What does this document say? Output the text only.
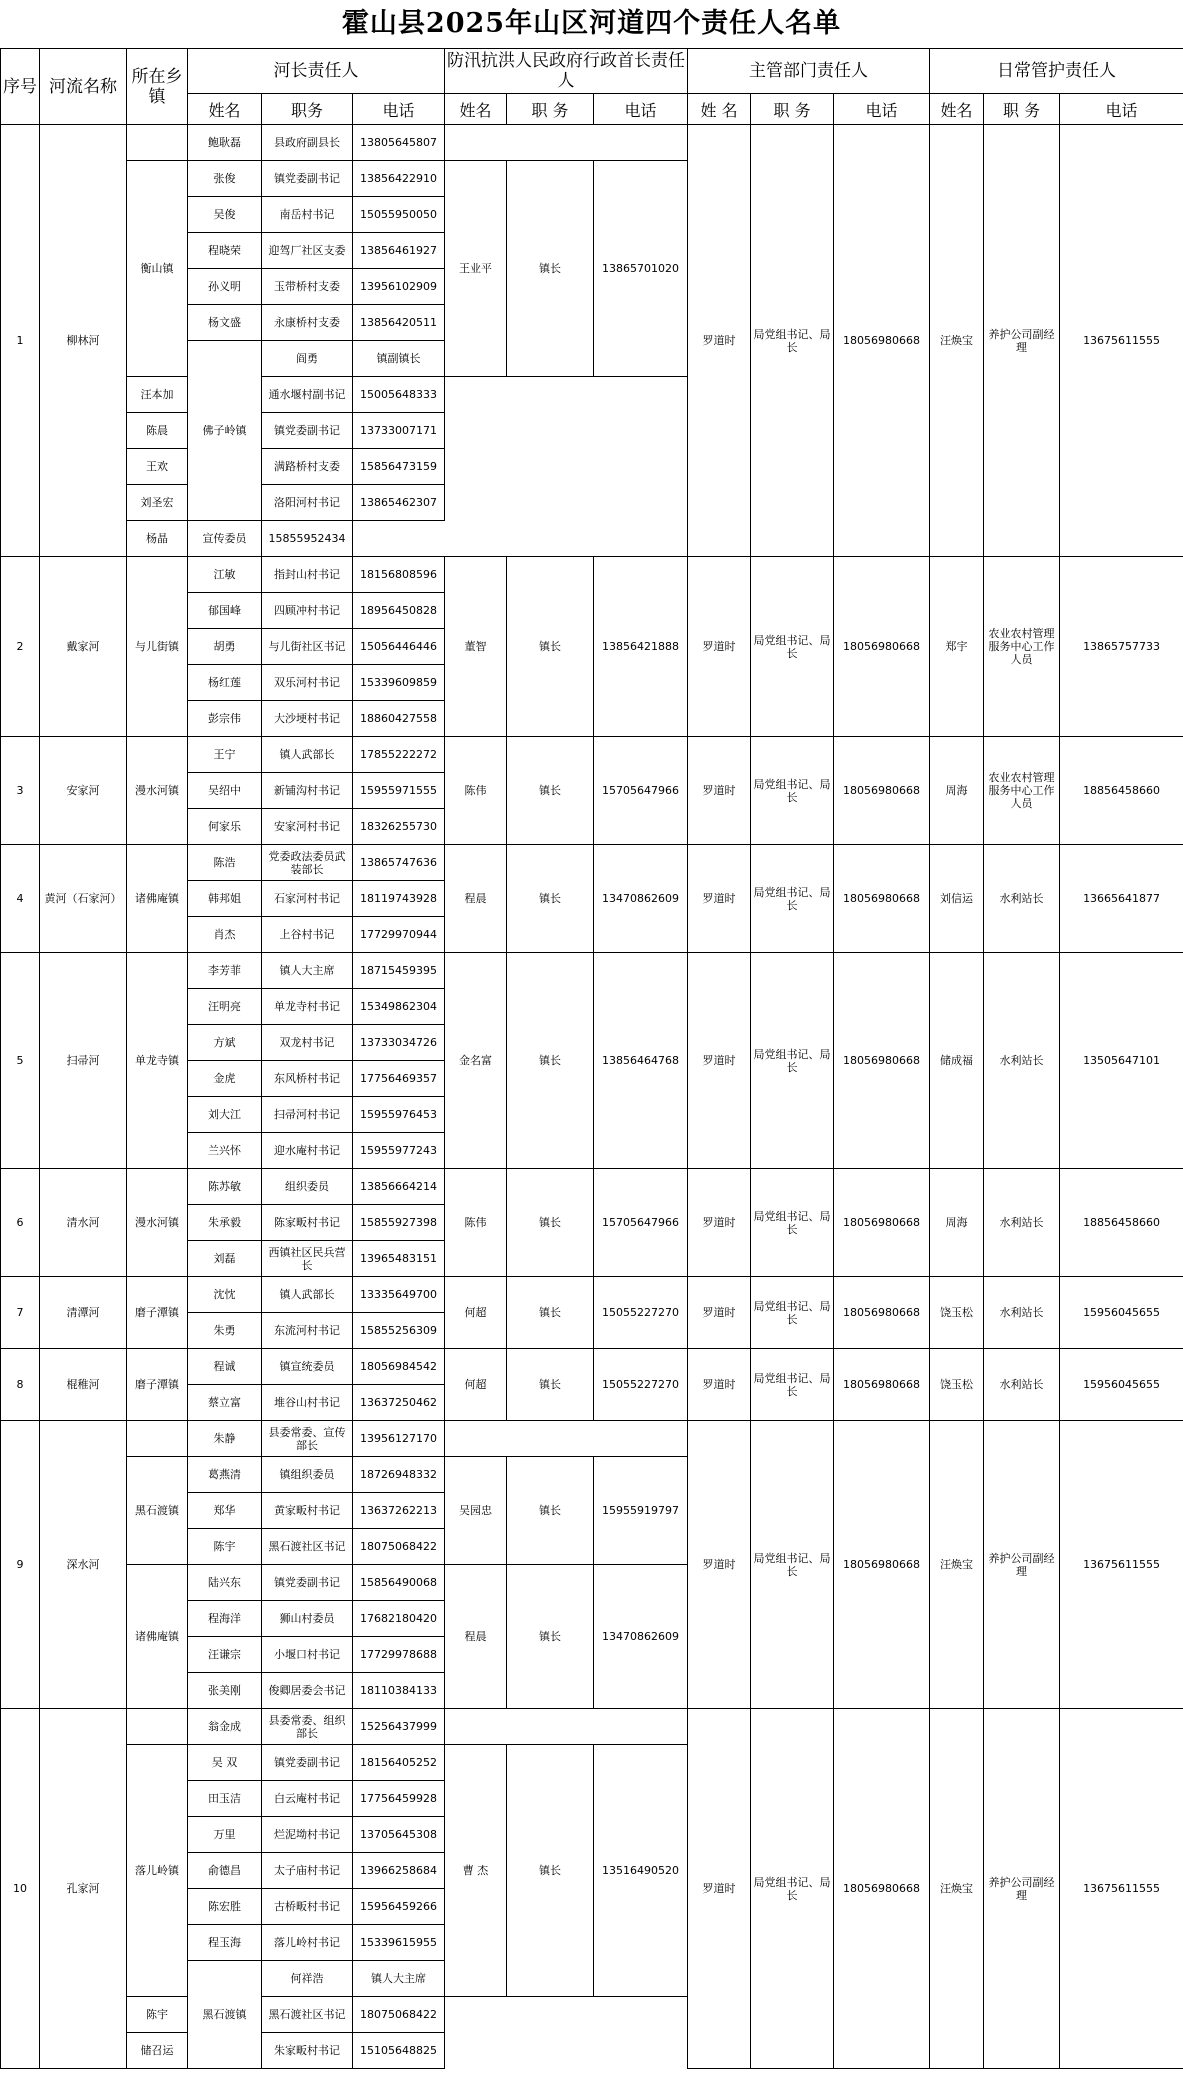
霍山县2025年山区河道四个责任人名单
序号	河流名称	所在乡镇	河长责任人			防汛抗洪人民政府行政首长责任人			主管部门责任人			日常管护责任人			
			姓名	职务	电话	姓名	职 务	电话	姓 名	职 务	电话	姓名	职 务	电话	
1	柳林河		鲍耿磊	县政府副县长	13805645807				罗道时	局党组书记、局长	18056980668	汪焕宝	养护公司副经理	13675611555	
		衡山镇	张俊	镇党委副书记	13856422910	王业平	镇长	13865701020							
			吴俊	南岳村书记	15055950050										
			程晓荣	迎驾厂社区支委	13856461927										
			孙义明	玉带桥村支委	13956102909										
			杨文盛	永康桥村支委	13856420511										
			佛子岭镇	阎勇	镇副镇长				
		汪本加		通水堰村副书记	15005648333										
		陈晨		镇党委副书记	13733007171										
		王欢		满路桥村支委	15856473159										
		刘圣宏		洛阳河村书记	13865462307										
		杨晶	宣传委员	15855952434											
2	戴家河	与儿街镇	江敏	指封山村书记	18156808596	董智	镇长	13856421888	罗道时	局党组书记、局长	18056980668	郑宇	农业农村管理服务中心工作人员	13865757733	
			郁国峰	四顾冲村书记	18956450828										
			胡勇	与儿街社区书记	15056446446										
			杨红莲	双乐河村书记	15339609859										
			彭宗伟	大沙埂村书记	18860427558										
3	安家河	漫水河镇	王宁	镇人武部长	17855222272	陈伟	镇长	15705647966	罗道时	局党组书记、局长	18056980668	周海	农业农村管理服务中心工作人员	18856458660	
			吴绍中	新铺沟村书记	15955971555										
			何家乐	安家河村书记	18326255730										
4	黄河（石家河）	诸佛庵镇	陈浩	党委政法委员武装部长	13865747636	程晨	镇长	13470862609	罗道时	局党组书记、局长	18056980668	刘信运	水利站长	13665641877	
			韩邦姐	石家河村书记	18119743928										
			肖杰	上谷村书记	17729970944										
5	扫帚河	单龙寺镇	李芳菲	镇人大主席	18715459395	金名富	镇长	13856464768	罗道时	局党组书记、局长	18056980668	储成福	水利站长	13505647101	
			汪明亮	单龙寺村书记	15349862304										
			方斌	双龙村书记	13733034726										
			金虎	东风桥村书记	17756469357										
			刘大江	扫帚河村书记	15955976453										
			兰兴怀	迎水庵村书记	15955977243										
6	清水河	漫水河镇	陈苏敏	组织委员	13856664214	陈伟	镇长	15705647966	罗道时	局党组书记、局长	18056980668	周海	水利站长	18856458660	
			朱承毅	陈家畈村书记	15855927398										
			刘磊	西镇社区民兵营长	13965483151										
7	清潭河	磨子潭镇	沈忱	镇人武部长	13335649700	何超	镇长	15055227270	罗道时	局党组书记、局长	18056980668	饶玉松	水利站长	15956045655	
			朱勇	东流河村书记	15855256309										
8	棍稚河	磨子潭镇	程诚	镇宣统委员	18056984542	何超	镇长	15055227270	罗道时	局党组书记、局长	18056980668	饶玉松	水利站长	15956045655	
			蔡立富	堆谷山村书记	13637250462										
9	深水河		朱静	县委常委、宣传部长	13956127170				罗道时	局党组书记、局长	18056980668	汪焕宝	养护公司副经理	13675611555	
		黑石渡镇	葛燕清	镇组织委员	18726948332	吴园忠	镇长	15955919797							
			郑华	黄家畈村书记	13637262213										
			陈宇	黑石渡社区书记	18075068422										
		诸佛庵镇	陆兴东	镇党委副书记	15856490068	程晨	镇长	13470862609							
			程海洋	狮山村委员	17682180420										
			汪谦宗	小堰口村书记	17729978688										
			张美刚	俊卿居委会书记	18110384133										
10	孔家河		翁金成	县委常委、组织部长	15256437999				罗道时	局党组书记、局长	18056980668	汪焕宝	养护公司副经理	13675611555	
		落儿岭镇	吴 双	镇党委副书记	18156405252	曹 杰	镇长	13516490520							
			田玉洁	白云庵村书记	17756459928										
			万里	烂泥坳村书记	13705645308										
			俞德昌	太子庙村书记	13966258684										
			陈宏胜	古桥畈村书记	15956459266										
			程玉海	落儿岭村书记	15339615955										
			黑石渡镇	何祥浩	镇人大主席				
		陈宇		黑石渡社区书记	18075068422										
		储召运		朱家畈村书记	15105648825										
